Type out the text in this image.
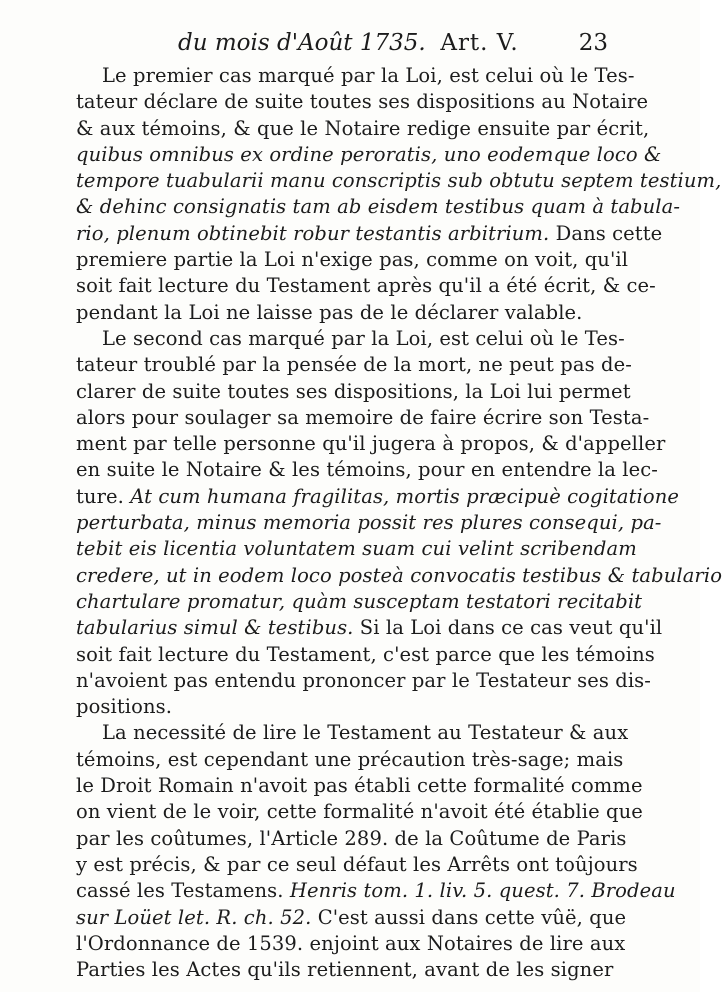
du mois d'Août 1735. Art. V.	23
Le premier cas marqué par la Loi, est celui où le Tes-
tateur déclare de suite toutes ses dispositions au Notaire
& aux témoins, & que le Notaire redige ensuite par écrit,
quibus omnibus ex ordine peroratis, uno eodemque loco &
tempore tuabularii manu conscriptis sub obtutu septem testium,
& dehinc consignatis tam ab eisdem testibus quam à tabula-
rio, plenum obtinebit robur testantis arbitrium. Dans cette
premiere partie la Loi n'exige pas, comme on voit, qu'il
soit fait lecture du Testament après qu'il a été écrit, & ce-
pendant la Loi ne laisse pas de le déclarer valable.
Le second cas marqué par la Loi, est celui où le Tes-
tateur troublé par la pensée de la mort, ne peut pas de-
clarer de suite toutes ses dispositions, la Loi lui permet
alors pour soulager sa memoire de faire écrire son Testa-
ment par telle personne qu'il jugera à propos, & d'appeller
en suite le Notaire & les témoins, pour en entendre la lec-
ture. At cum humana fragilitas, mortis præcipuè cogitatione
perturbata, minus memoria possit res plures consequi, pa-
tebit eis licentia voluntatem suam cui velint scribendam
credere, ut in eodem loco posteà convocatis testibus & tabulario
chartulare promatur, quàm susceptam testatori recitabit
tabularius simul & testibus. Si la Loi dans ce cas veut qu'il
soit fait lecture du Testament, c'est parce que les témoins
n'avoient pas entendu prononcer par le Testateur ses dis-
positions.
La necessité de lire le Testament au Testateur & aux
témoins, est cependant une précaution très-sage; mais
le Droit Romain n'avoit pas établi cette formalité comme
on vient de le voir, cette formalité n'avoit été établie que
par les coûtumes, l'Article 289. de la Coûtume de Paris
y est précis, & par ce seul défaut les Arrêts ont toûjours
cassé les Testamens. Henris tom. 1. liv. 5. quest. 7. Brodeau
sur Loüet let. R. ch. 52. C'est aussi dans cette vûë, que
l'Ordonnance de 1539. enjoint aux Notaires de lire aux
Parties les Actes qu'ils retiennent, avant de les signer
